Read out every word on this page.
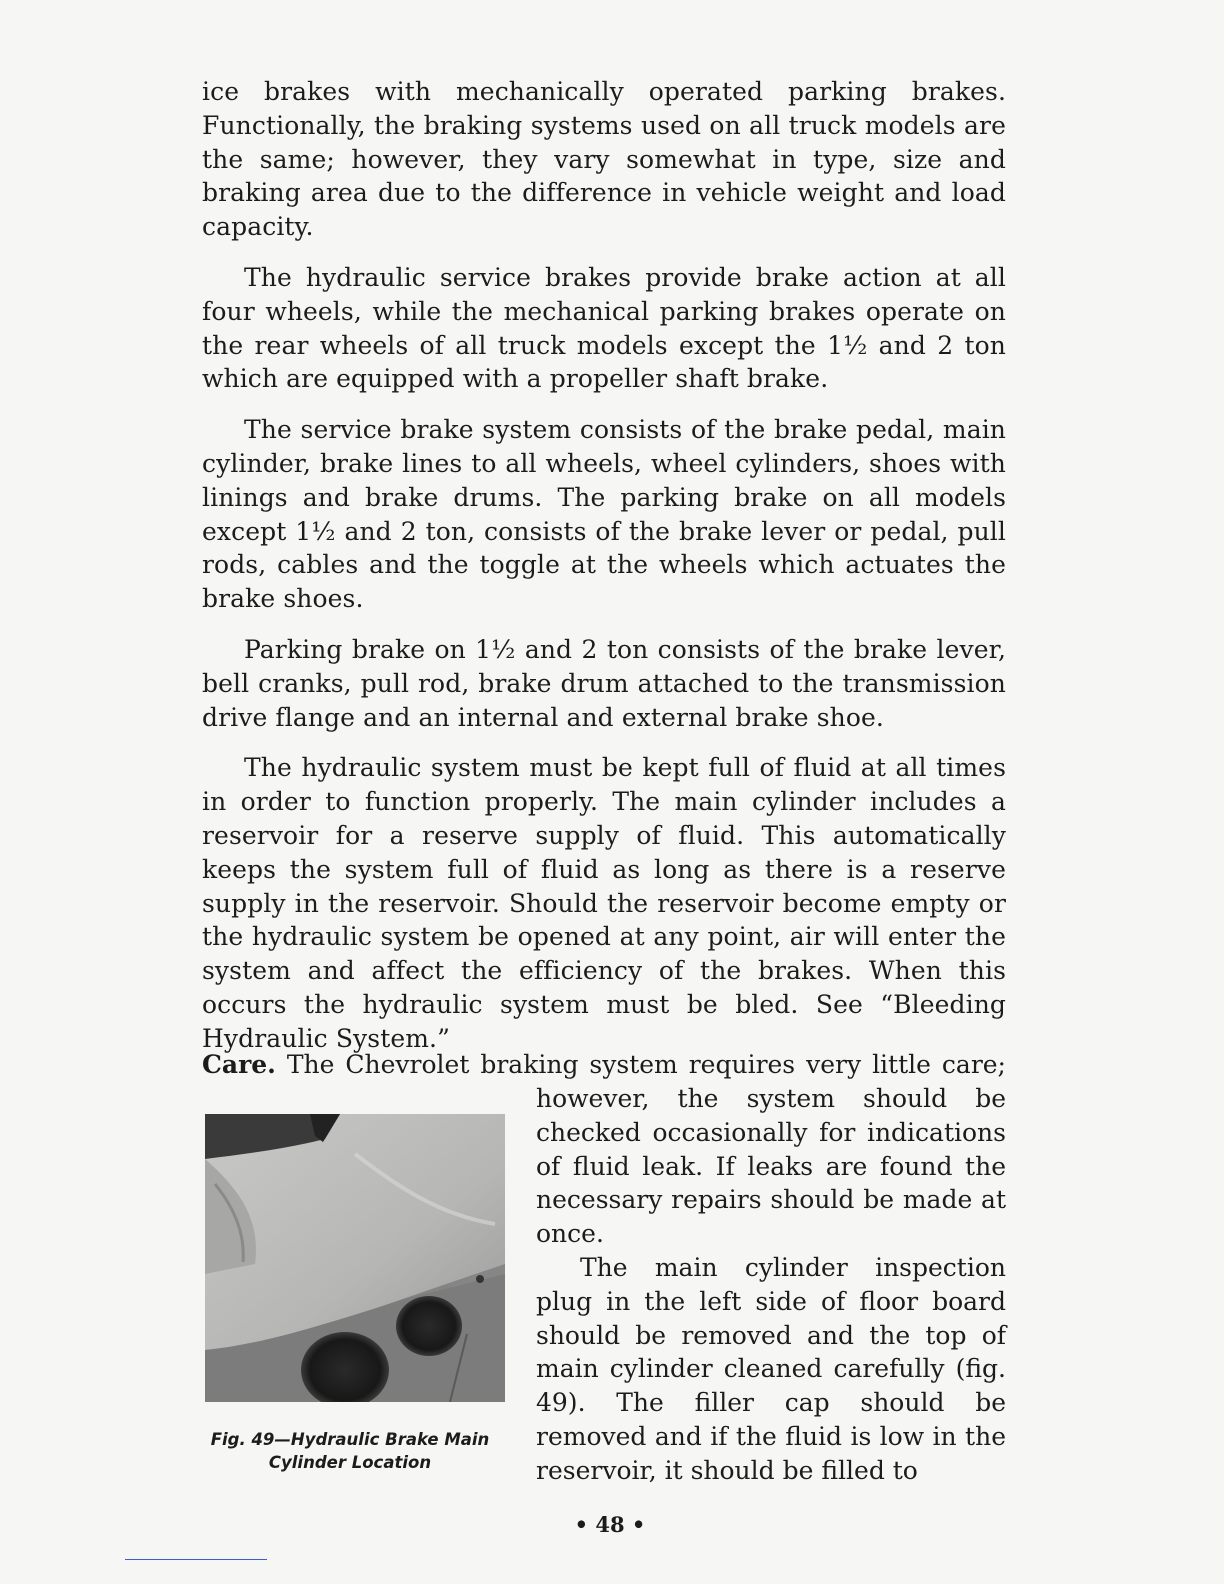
ice brakes with mechanically operated parking brakes. Functionally, the braking systems used on all truck models are the same; however, they vary somewhat in type, size and braking area due to the difference in vehicle weight and load capacity.

The hydraulic service brakes provide brake action at all four wheels, while the mechanical parking brakes operate on the rear wheels of all truck models except the 1½ and 2 ton which are equipped with a propeller shaft brake.

The service brake system consists of the brake pedal, main cylinder, brake lines to all wheels, wheel cylinders, shoes with linings and brake drums. The parking brake on all models except 1½ and 2 ton, consists of the brake lever or pedal, pull rods, cables and the toggle at the wheels which actuates the brake shoes.

Parking brake on 1½ and 2 ton consists of the brake lever, bell cranks, pull rod, brake drum attached to the transmission drive flange and an internal and external brake shoe.

The hydraulic system must be kept full of fluid at all times in order to function properly. The main cylinder includes a reservoir for a reserve supply of fluid. This automatically keeps the system full of fluid as long as there is a reserve supply in the reservoir. Should the reservoir become empty or the hydraulic system be opened at any point, air will enter the system and affect the efficiency of the brakes. When this occurs the hydraulic system must be bled. See “Bleeding Hydraulic System.”

Care. The Chevrolet braking system requires very little care;

however, the system should be checked occasionally for indications of fluid leak. If leaks are found the necessary repairs should be made at once.

The main cylinder inspection plug in the left side of floor board should be removed and the top of main cylinder cleaned carefully (fig. 49). The filler cap should be removed and if the fluid is low in the reservoir, it should be filled to

Fig. 49—Hydraulic Brake Main
Cylinder Location
• 48 •
